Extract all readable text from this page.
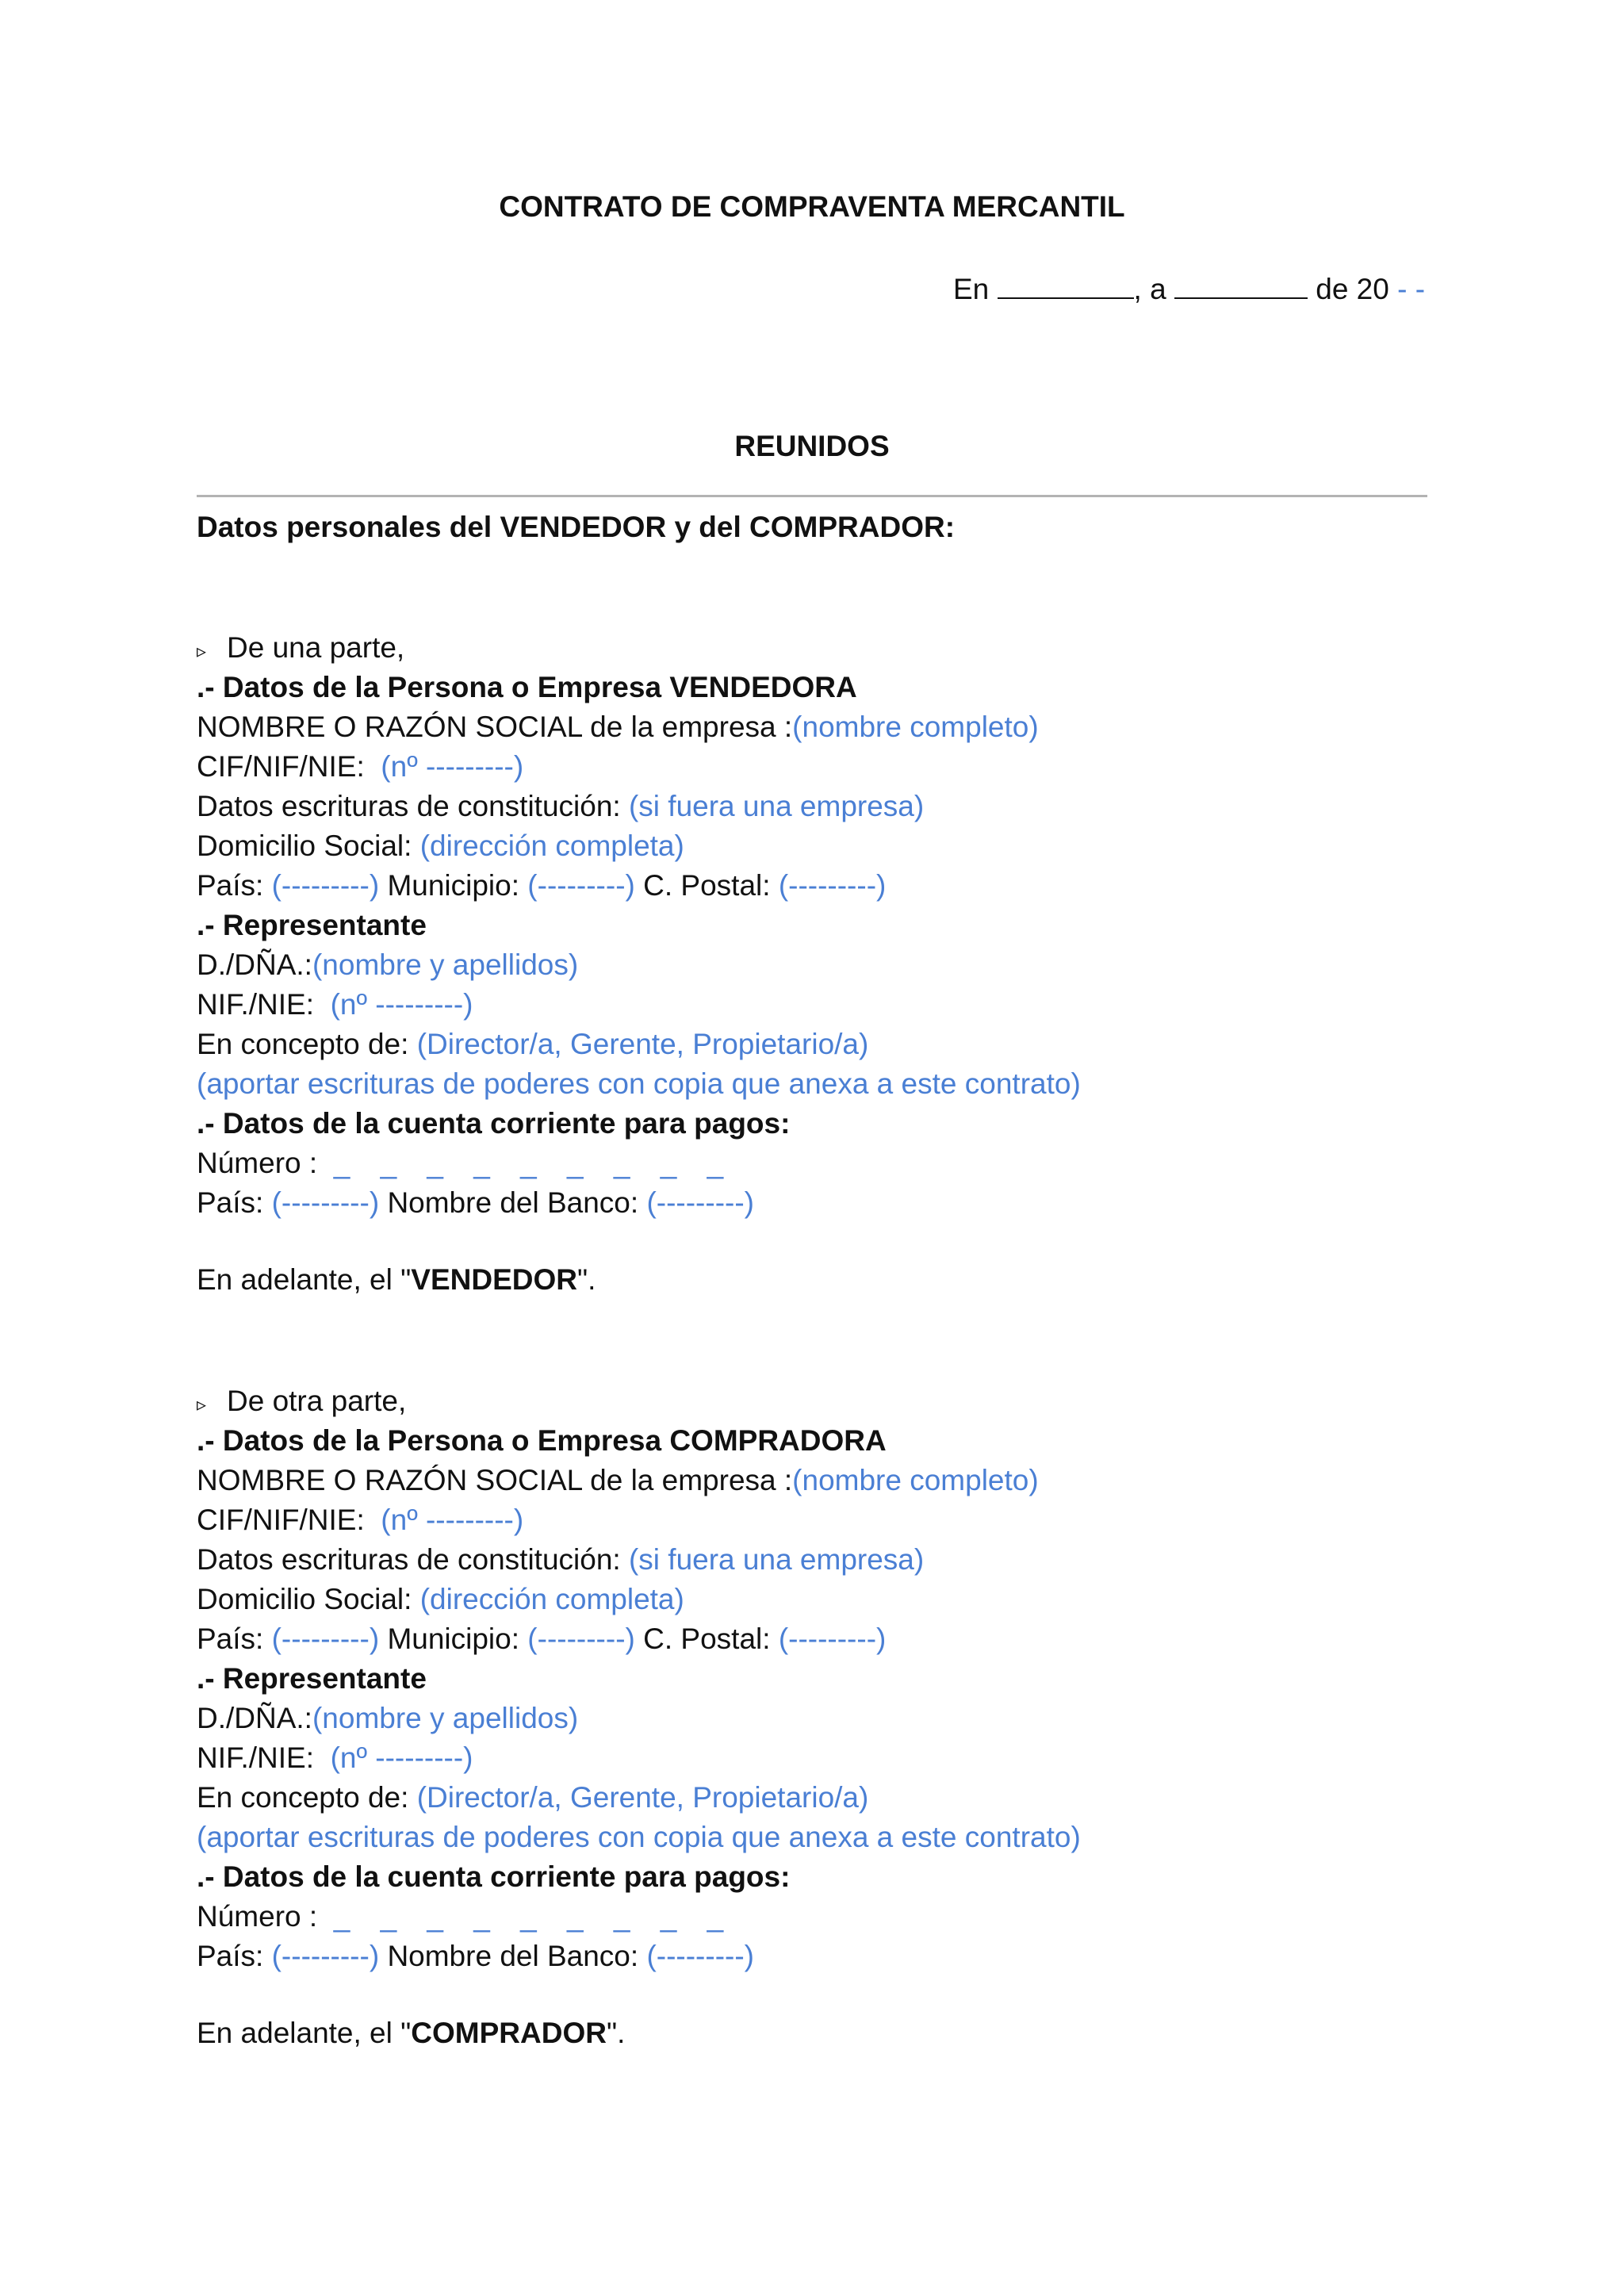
CONTRATO DE COMPRAVENTA MERCANTIL
En	, a	de 20 - -
REUNIDOS
Datos personales del VENDEDOR y del COMPRADOR:
▹ De una parte,
.- Datos de la Persona o Empresa VENDEDORA
NOMBRE O RAZÓN SOCIAL de la empresa :(nombre completo)
CIF/NIF/NIE: (nº ---------)
Datos escrituras de constitución: (si fuera una empresa)
Domicilio Social: (dirección completa)
País: (---------) Municipio: (---------) C. Postal: (---------)
.- Representante
D./DÑA.:(nombre y apellidos)
NIF./NIE: (nº ---------)
En concepto de: (Director/a, Gerente, Propietario/a)
(aportar escrituras de poderes con copia que anexa a este contrato)
.- Datos de la cuenta corriente para pagos:
Número : _ _ _ _ _ _ _ _ _
País: (---------) Nombre del Banco: (---------)
En adelante, el "VENDEDOR".
▹ De otra parte,
.- Datos de la Persona o Empresa COMPRADORA
NOMBRE O RAZÓN SOCIAL de la empresa :(nombre completo)
CIF/NIF/NIE: (nº ---------)
Datos escrituras de constitución: (si fuera una empresa)
Domicilio Social: (dirección completa)
País: (---------) Municipio: (---------) C. Postal: (---------)
.- Representante
D./DÑA.:(nombre y apellidos)
NIF./NIE: (nº ---------)
En concepto de: (Director/a, Gerente, Propietario/a)
(aportar escrituras de poderes con copia que anexa a este contrato)
.- Datos de la cuenta corriente para pagos:
Número : _ _ _ _ _ _ _ _ _
País: (---------) Nombre del Banco: (---------)
En adelante, el "COMPRADOR".
